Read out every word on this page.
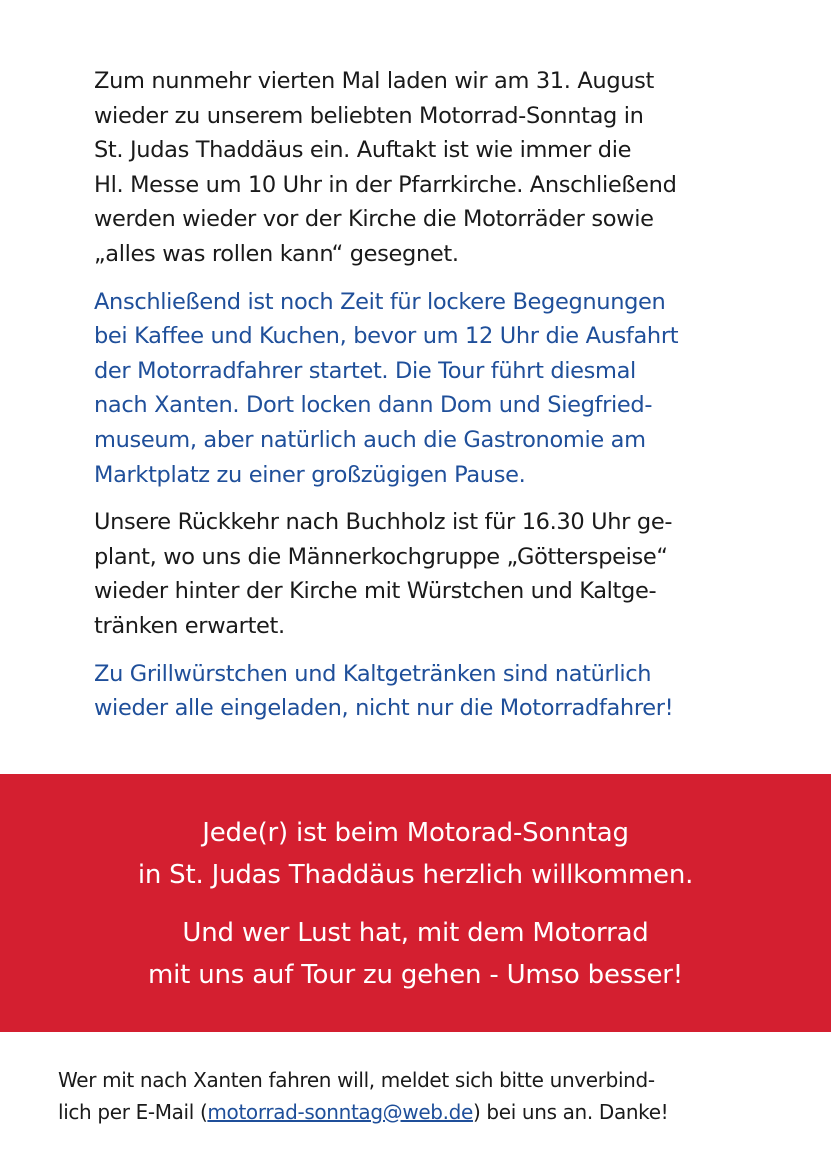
Zum nunmehr vierten Mal laden wir am 31. August
wieder zu unserem beliebten Motorrad-Sonntag in
St. Judas Thaddäus ein. Auftakt ist wie immer die
Hl. Messe um 10 Uhr in der Pfarrkirche. Anschließend
werden wieder vor der Kirche die Motorräder sowie
„alles was rollen kann“ gesegnet.

Anschließend ist noch Zeit für lockere Begegnungen
bei Kaffee und Kuchen, bevor um 12 Uhr die Ausfahrt
der Motorradfahrer startet. Die Tour führt diesmal
nach Xanten. Dort locken dann Dom und Siegfried-
museum, aber natürlich auch die Gastronomie am
Marktplatz zu einer großzügigen Pause.

Unsere Rückkehr nach Buchholz ist für 16.30 Uhr ge-
plant, wo uns die Männerkochgruppe „Götterspeise“
wieder hinter der Kirche mit Würstchen und Kaltge-
tränken erwartet.

Zu Grillwürstchen und Kaltgetränken sind natürlich
wieder alle eingeladen, nicht nur die Motorradfahrer!

Jede(r) ist beim Motorad-Sonntag
in St. Judas Thaddäus herzlich willkommen.
Und wer Lust hat, mit dem Motorrad
mit uns auf Tour zu gehen - Umso besser!
Wer mit nach Xanten fahren will, meldet sich bitte unverbind-
lich per E-Mail (motorrad-sonntag@web.de) bei uns an. Danke!
